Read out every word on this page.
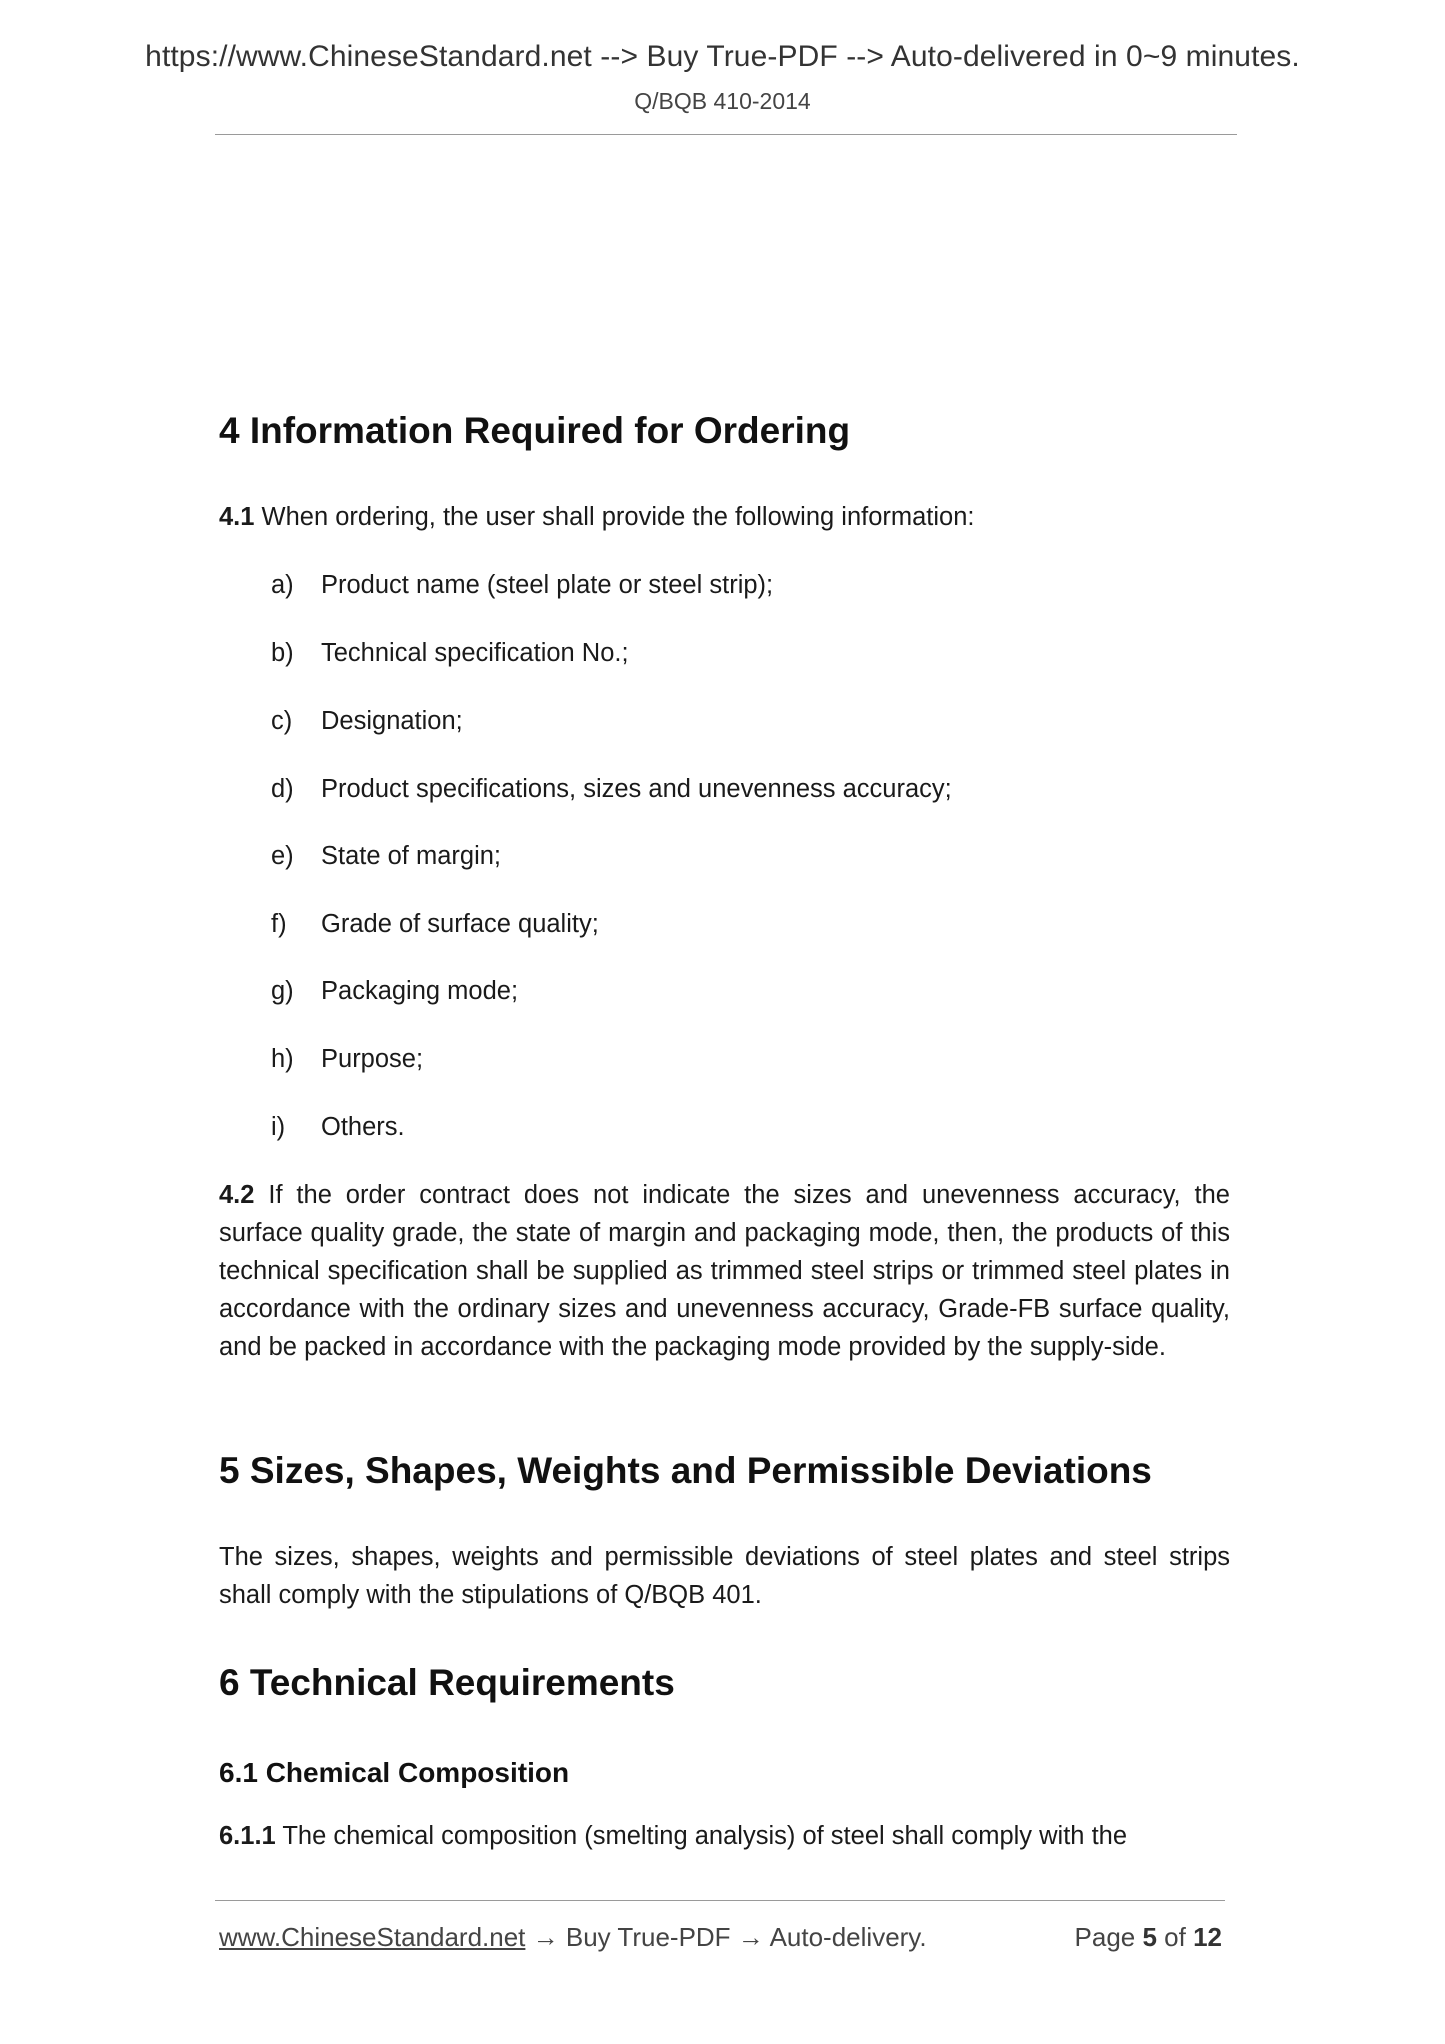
https://www.ChineseStandard.net --> Buy True-PDF --> Auto-delivered in 0~9 minutes.
Q/BQB 410-2014
4 Information Required for Ordering
4.1 When ordering, the user shall provide the following information:
a) Product name (steel plate or steel strip);
b) Technical specification No.;
c) Designation;
d) Product specifications, sizes and unevenness accuracy;
e) State of margin;
f) Grade of surface quality;
g) Packaging mode;
h) Purpose;
i) Others.
4.2 If the order contract does not indicate the sizes and unevenness accuracy, the surface quality grade, the state of margin and packaging mode, then, the products of this technical specification shall be supplied as trimmed steel strips or trimmed steel plates in accordance with the ordinary sizes and unevenness accuracy, Grade-FB surface quality, and be packed in accordance with the packaging mode provided by the supply-side.
5 Sizes, Shapes, Weights and Permissible Deviations
The sizes, shapes, weights and permissible deviations of steel plates and steel strips shall comply with the stipulations of Q/BQB 401.
6 Technical Requirements
6.1 Chemical Composition
6.1.1 The chemical composition (smelting analysis) of steel shall comply with the
www.ChineseStandard.net → Buy True-PDF → Auto-delivery.	Page 5 of 12
